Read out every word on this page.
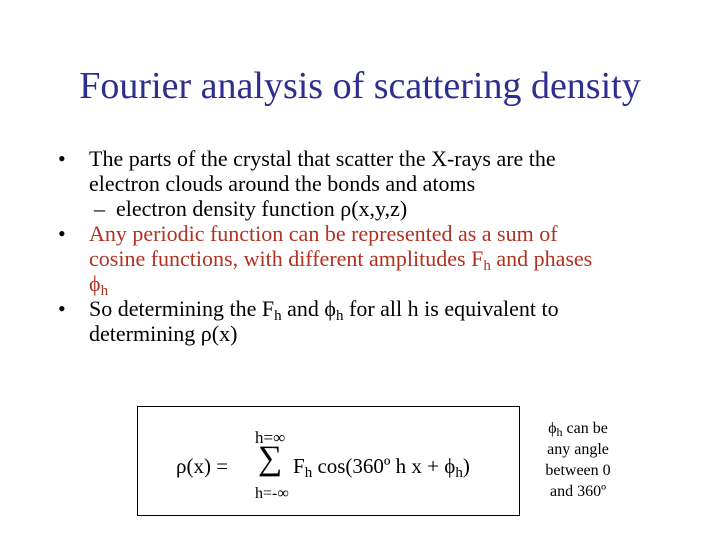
Fourier analysis of scattering density
•	The parts of the crystal that scatter the X-rays are the
electron clouds around the bonds and atoms
– electron density function ρ(x,y,z)
•	Any periodic function can be represented as a sum of
cosine functions, with different amplitudes $F_h$ and phases
$\phi_h$
•	So determining the $F_h$ and $\phi_h$ for all h is equivalent to
determining ρ(x)
ρ(x) =
h=∞
∑
h=-∞
$F_h$ cos(360º h $x + \phi_h$)
$\phi_h$ can be
any angle
between 0
and 360º
